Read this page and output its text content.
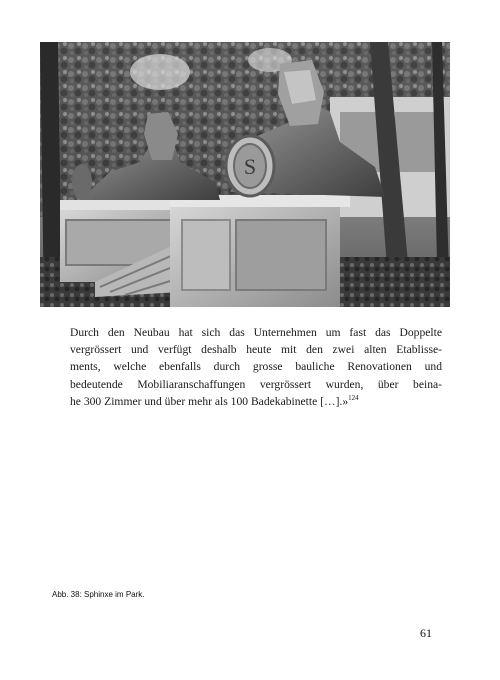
S

Durch den Neubau hat sich das Unternehmen um fast das Doppelte
vergrössert und verfügt deshalb heute mit den zwei alten Etablisse-
ments, welche ebenfalls durch grosse bauliche Renovationen und
bedeutende Mobiliaranschaffungen vergrössert wurden, über beina-
he 300 Zimmer und über mehr als 100 Badekabinette […].»$^{124}$

Abb. 38: Sphinxe im Park.

61
